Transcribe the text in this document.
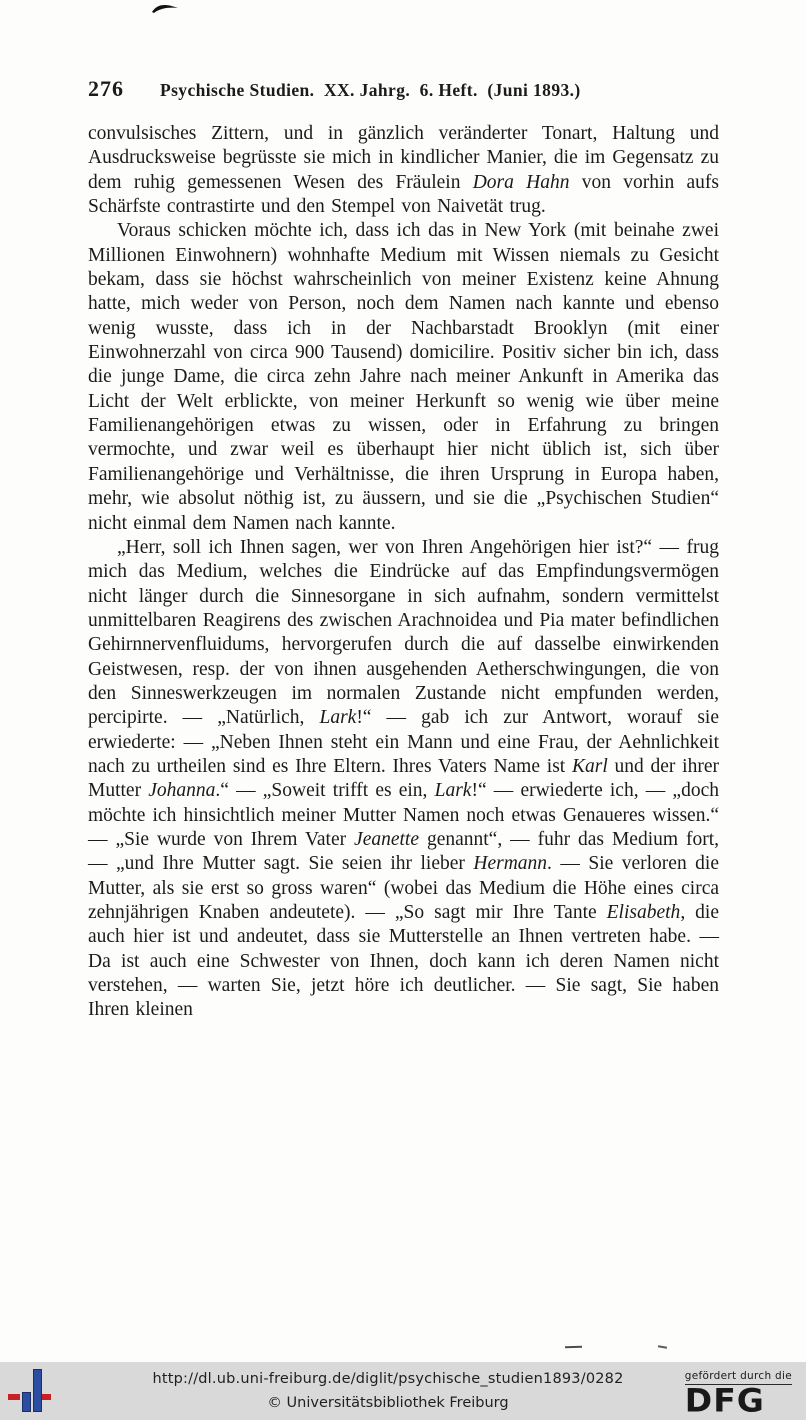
276 Psychische Studien.  XX. Jahrg.  6. Heft.  (Juni 1893.)

convulsisches Zittern, und in gänzlich veränderter Tonart, Haltung und Ausdrucksweise begrüsste sie mich in kindlicher Manier, die im Gegensatz zu dem ruhig gemessenen Wesen des Fräulein Dora Hahn von vorhin aufs Schärfste contrastirte und den Stempel von Naivetät trug.

Voraus schicken möchte ich, dass ich das in New York (mit beinahe zwei Millionen Einwohnern) wohnhafte Medium mit Wissen niemals zu Gesicht bekam, dass sie höchst wahrscheinlich von meiner Existenz keine Ahnung hatte, mich weder von Person, noch dem Namen nach kannte und ebenso wenig wusste, dass ich in der Nachbarstadt Brooklyn (mit einer Einwohnerzahl von circa 900 Tausend) domicilire. Positiv sicher bin ich, dass die junge Dame, die circa zehn Jahre nach meiner Ankunft in Amerika das Licht der Welt erblickte, von meiner Herkunft so wenig wie über meine Familienangehörigen etwas zu wissen, oder in Erfahrung zu bringen vermochte, und zwar weil es überhaupt hier nicht üblich ist, sich über Familienangehörige und Verhältnisse, die ihren Ursprung in Europa haben, mehr, wie absolut nöthig ist, zu äussern, und sie die „Psychischen Studien“ nicht einmal dem Namen nach kannte.

„Herr, soll ich Ihnen sagen, wer von Ihren Angehörigen hier ist?“ — frug mich das Medium, welches die Eindrücke auf das Empfindungsvermögen nicht länger durch die Sinnesorgane in sich aufnahm, sondern vermittelst unmittelbaren Reagirens des zwischen Arachnoidea und Pia mater befindlichen Gehirnnervenfluidums, hervorgerufen durch die auf dasselbe einwirkenden Geistwesen, resp. der von ihnen ausgehenden Aetherschwingungen, die von den Sinneswerkzeugen im normalen Zustande nicht empfunden werden, percipirte. — „Natürlich, Lark!“ — gab ich zur Antwort, worauf sie erwiederte: — „Neben Ihnen steht ein Mann und eine Frau, der Aehnlichkeit nach zu urtheilen sind es Ihre Eltern. Ihres Vaters Name ist Karl und der ihrer Mutter Johanna.“ — „Soweit trifft es ein, Lark!“ — erwiederte ich, — „doch möchte ich hinsichtlich meiner Mutter Namen noch etwas Genaueres wissen.“ — „Sie wurde von Ihrem Vater Jeanette genannt“, — fuhr das Medium fort, — „und Ihre Mutter sagt. Sie seien ihr lieber Hermann. — Sie verloren die Mutter, als sie erst so gross waren“ (wobei das Medium die Höhe eines circa zehnjährigen Knaben andeutete). — „So sagt mir Ihre Tante Elisabeth, die auch hier ist und andeutet, dass sie Mutterstelle an Ihnen vertreten habe. — Da ist auch eine Schwester von Ihnen, doch kann ich deren Namen nicht verstehen, — warten Sie, jetzt höre ich deutlicher. — Sie sagt, Sie haben Ihren kleinen

http://dl.ub.uni-freiburg.de/diglit/psychische_studien1893/0282
© Universitätsbibliothek Freiburg
gefördert durch die
DFG
